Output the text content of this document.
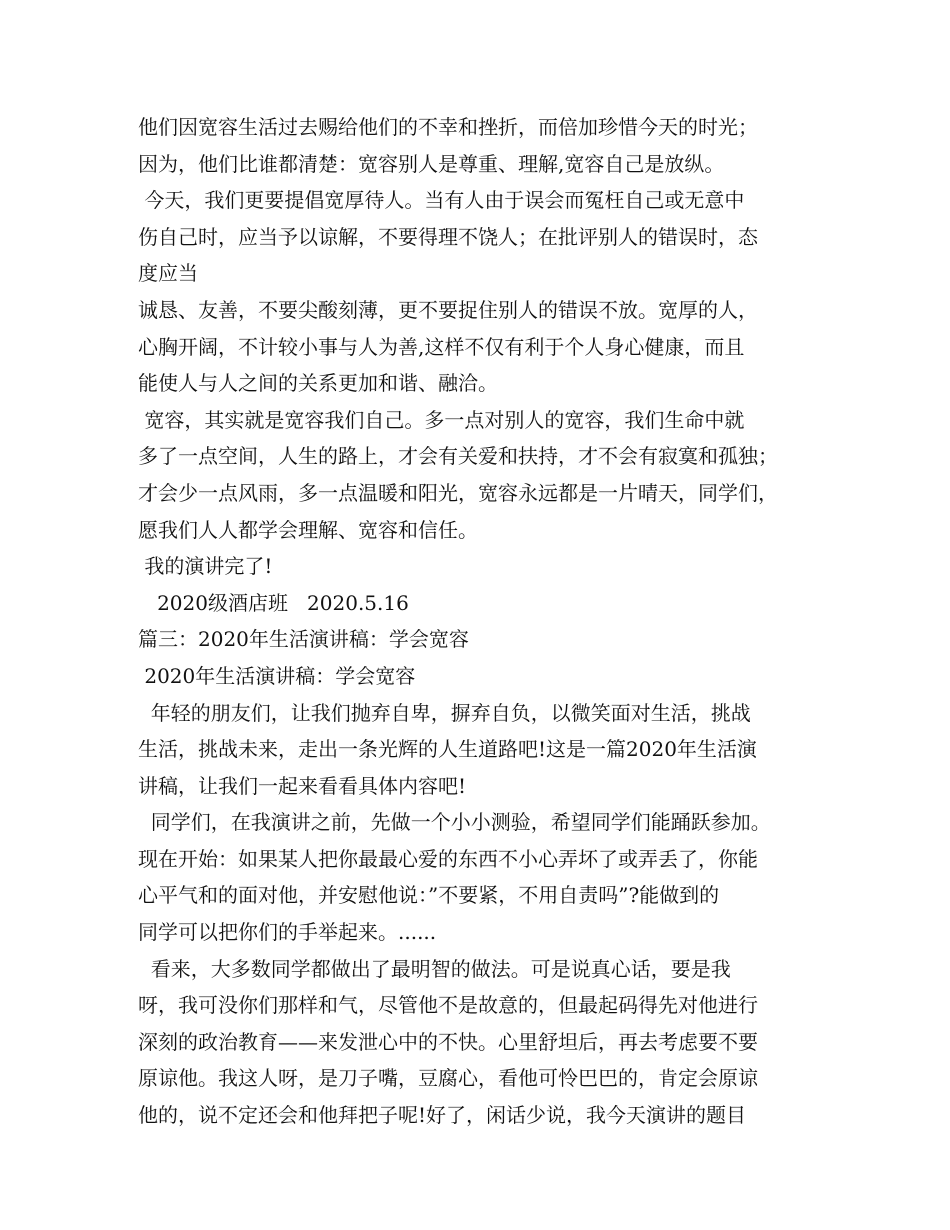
他们因宽容生活过去赐给他们的不幸和挫折，而倍加珍惜今天的时光；
因为，他们比谁都清楚：宽容别人是尊重、理解,宽容自己是放纵。
今天，我们更要提倡宽厚待人。当有人由于误会而冤枉自己或无意中
伤自己时，应当予以谅解，不要得理不饶人；在批评别人的错误时，态
度应当
诚恳、友善，不要尖酸刻薄，更不要捉住别人的错误不放。宽厚的人，
心胸开阔，不计较小事与人为善,这样不仅有利于个人身心健康，而且
能使人与人之间的关系更加和谐、融洽。
宽容，其实就是宽容我们自己。多一点对别人的宽容，我们生命中就
多了一点空间，人生的路上，才会有关爱和扶持，才不会有寂寞和孤独；
才会少一点风雨，多一点温暖和阳光，宽容永远都是一片晴天，同学们，
愿我们人人都学会理解、宽容和信任。
我的演讲完了!
2020级酒店班   2020.5.16
篇三：2020年生活演讲稿：学会宽容
2020年生活演讲稿：学会宽容
年轻的朋友们，让我们抛弃自卑，摒弃自负，以微笑面对生活，挑战
生活，挑战未来，走出一条光辉的人生道路吧!这是一篇2020年生活演
讲稿，让我们一起来看看具体内容吧!
同学们，在我演讲之前，先做一个小小测验，希望同学们能踊跃参加。
现在开始：如果某人把你最最心爱的东西不小心弄坏了或弄丢了，你能
心平气和的面对他，并安慰他说：”不要紧，不用自责吗”?能做到的
同学可以把你们的手举起来。......
看来，大多数同学都做出了最明智的做法。可是说真心话，要是我
呀，我可没你们那样和气，尽管他不是故意的，但最起码得先对他进行
深刻的政治教育——来发泄心中的不快。心里舒坦后，再去考虑要不要
原谅他。我这人呀，是刀子嘴，豆腐心，看他可怜巴巴的，肯定会原谅
他的，说不定还会和他拜把子呢!好了，闲话少说，我今天演讲的题目
